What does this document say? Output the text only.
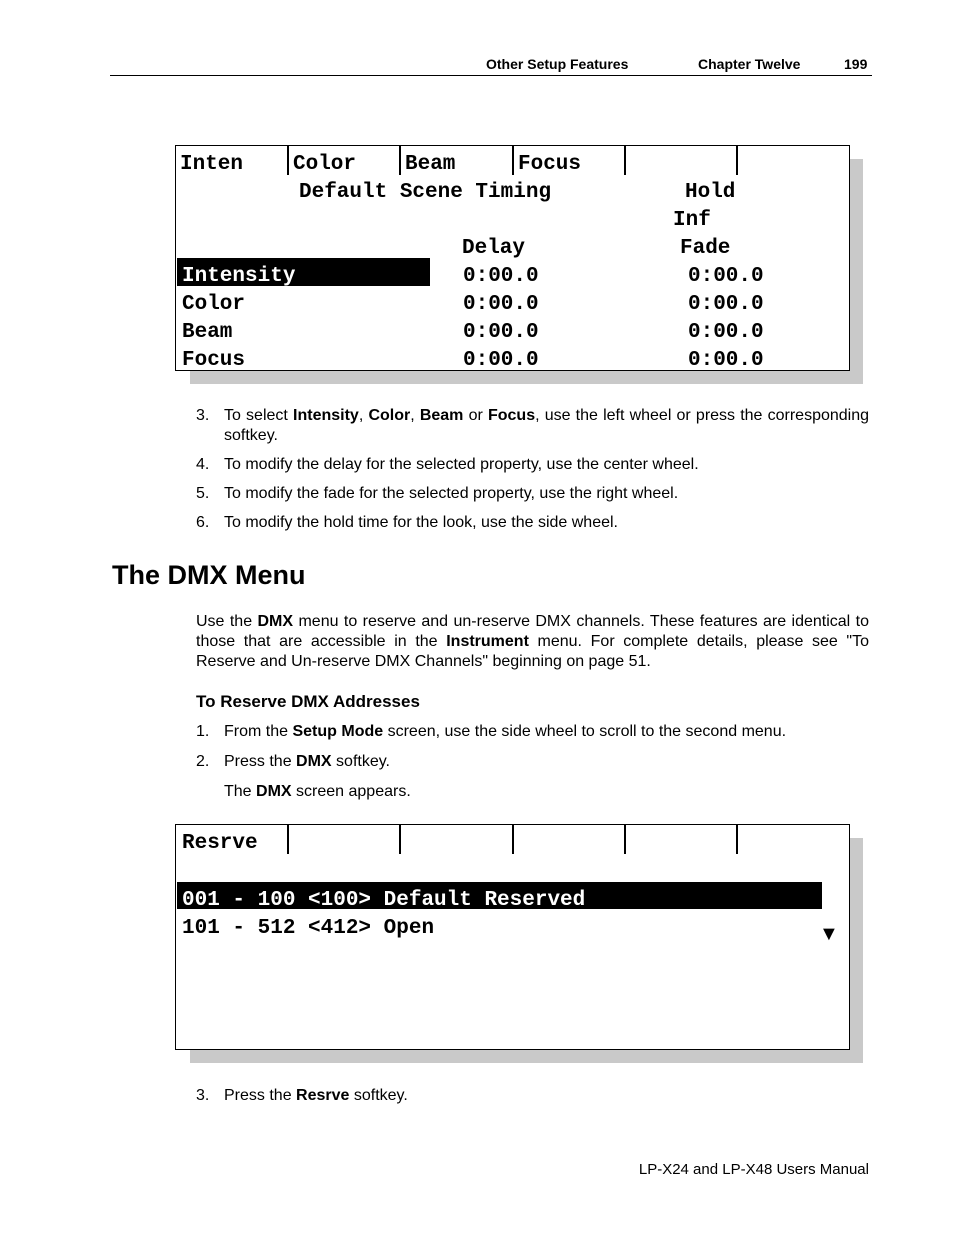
Other Setup Features	Chapter Twelve	199
Inten Color Beam	Focus
Default Scene Timing	Hold
Inf
Delay	Fade
Intensity	0:00.0	0:00.0
Color	0:00.0	0:00.0
Beam	0:00.0	0:00.0
Focus	0:00.0	0:00.0
3. To select Intensity, Color, Beam or Focus, use the left wheel or press the corresponding softkey.
4. To modify the delay for the selected property, use the center wheel.
5. To modify the fade for the selected property, use the right wheel.
6. To modify the hold time for the look, use the side wheel.
The DMX Menu
Use the DMX menu to reserve and un-reserve DMX channels. These features are identical to those that are accessible in the Instrument menu. For complete details, please see "To Reserve and Un-reserve DMX Channels" beginning on page 51.
To Reserve DMX Addresses
1. From the Setup Mode screen, use the side wheel to scroll to the second menu.
2. Press the DMX softkey.
The DMX screen appears.
Resrve
001 - 100 <100> Default Reserved
101 - 512 <412> Open	▼
3. Press the Resrve softkey.
LP-X24 and LP-X48 Users Manual
